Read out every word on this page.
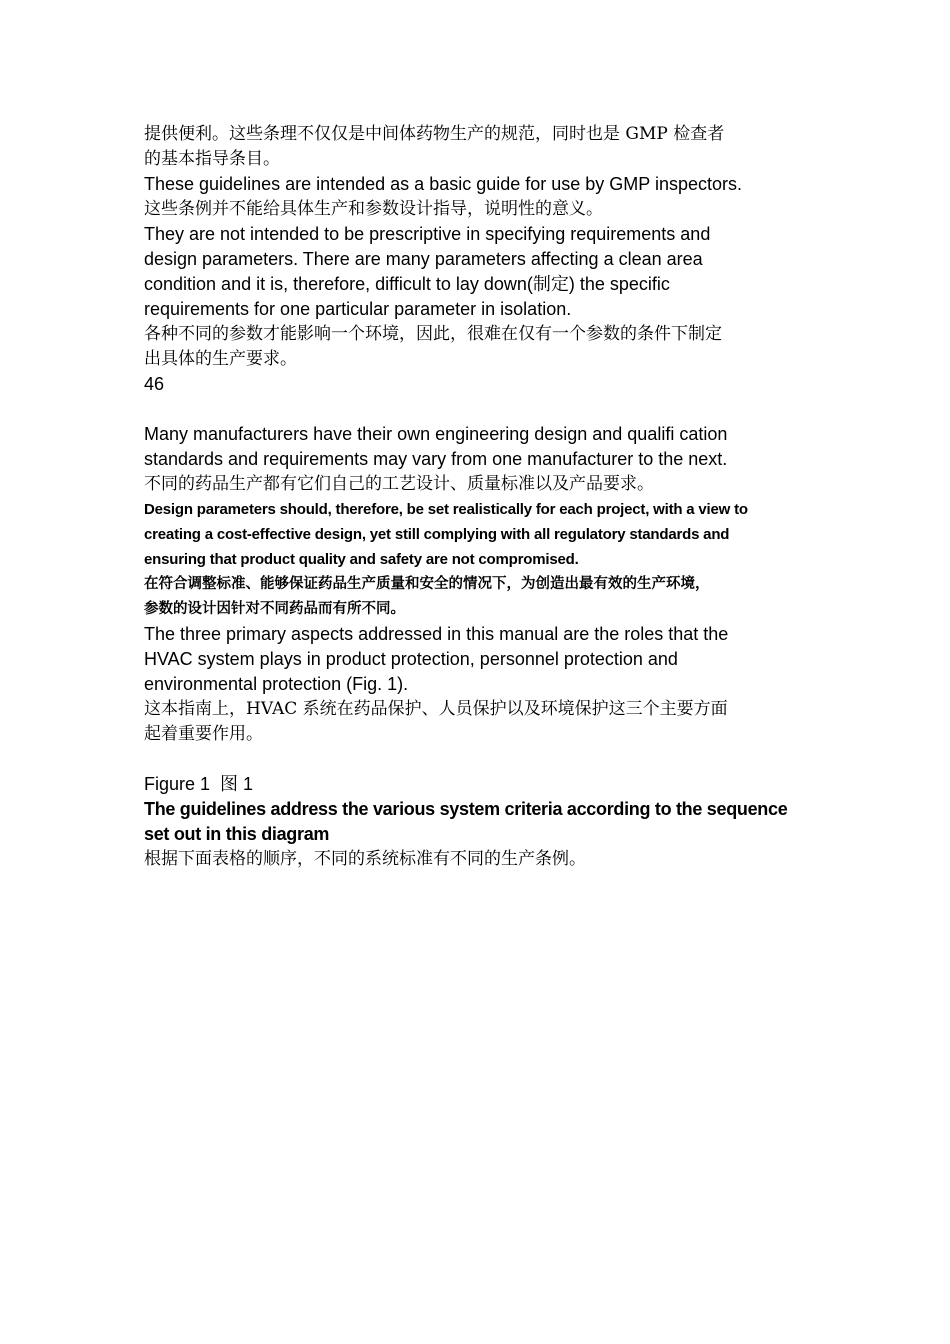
提供便利。这些条理不仅仅是中间体药物生产的规范，同时也是 GMP 检查者

的基本指导条目。

These guidelines are intended as a basic guide for use by GMP inspectors.

这些条例并不能给具体生产和参数设计指导，说明性的意义。

They are not intended to be prescriptive in specifying requirements and

design parameters. There are many parameters affecting a clean area

condition and it is, therefore, difficult to lay down(制定) the specific

requirements for one particular parameter in isolation.

各种不同的参数才能影响一个环境，因此，很难在仅有一个参数的条件下制定

出具体的生产要求。

46

Many manufacturers have their own engineering design and qualifi cation

standards and requirements may vary from one manufacturer to the next.

不同的药品生产都有它们自己的工艺设计、质量标准以及产品要求。

Design parameters should, therefore, be set realistically for each project, with a view to

creating a cost-effective design, yet still complying with all regulatory standards and

ensuring that product quality and safety are not compromised.

在符合调整标准、能够保证药品生产质量和安全的情况下，为创造出最有效的生产环境，

参数的设计因针对不同药品而有所不同。

The three primary aspects addressed in this manual are the roles that the

HVAC system plays in product protection, personnel protection and

environmental protection (Fig. 1).

这本指南上，HVAC 系统在药品保护、人员保护以及环境保护这三个主要方面

起着重要作用。

Figure 1  图 1

The guidelines address the various system criteria according to the sequence

set out in this diagram

根据下面表格的顺序，不同的系统标准有不同的生产条例。
